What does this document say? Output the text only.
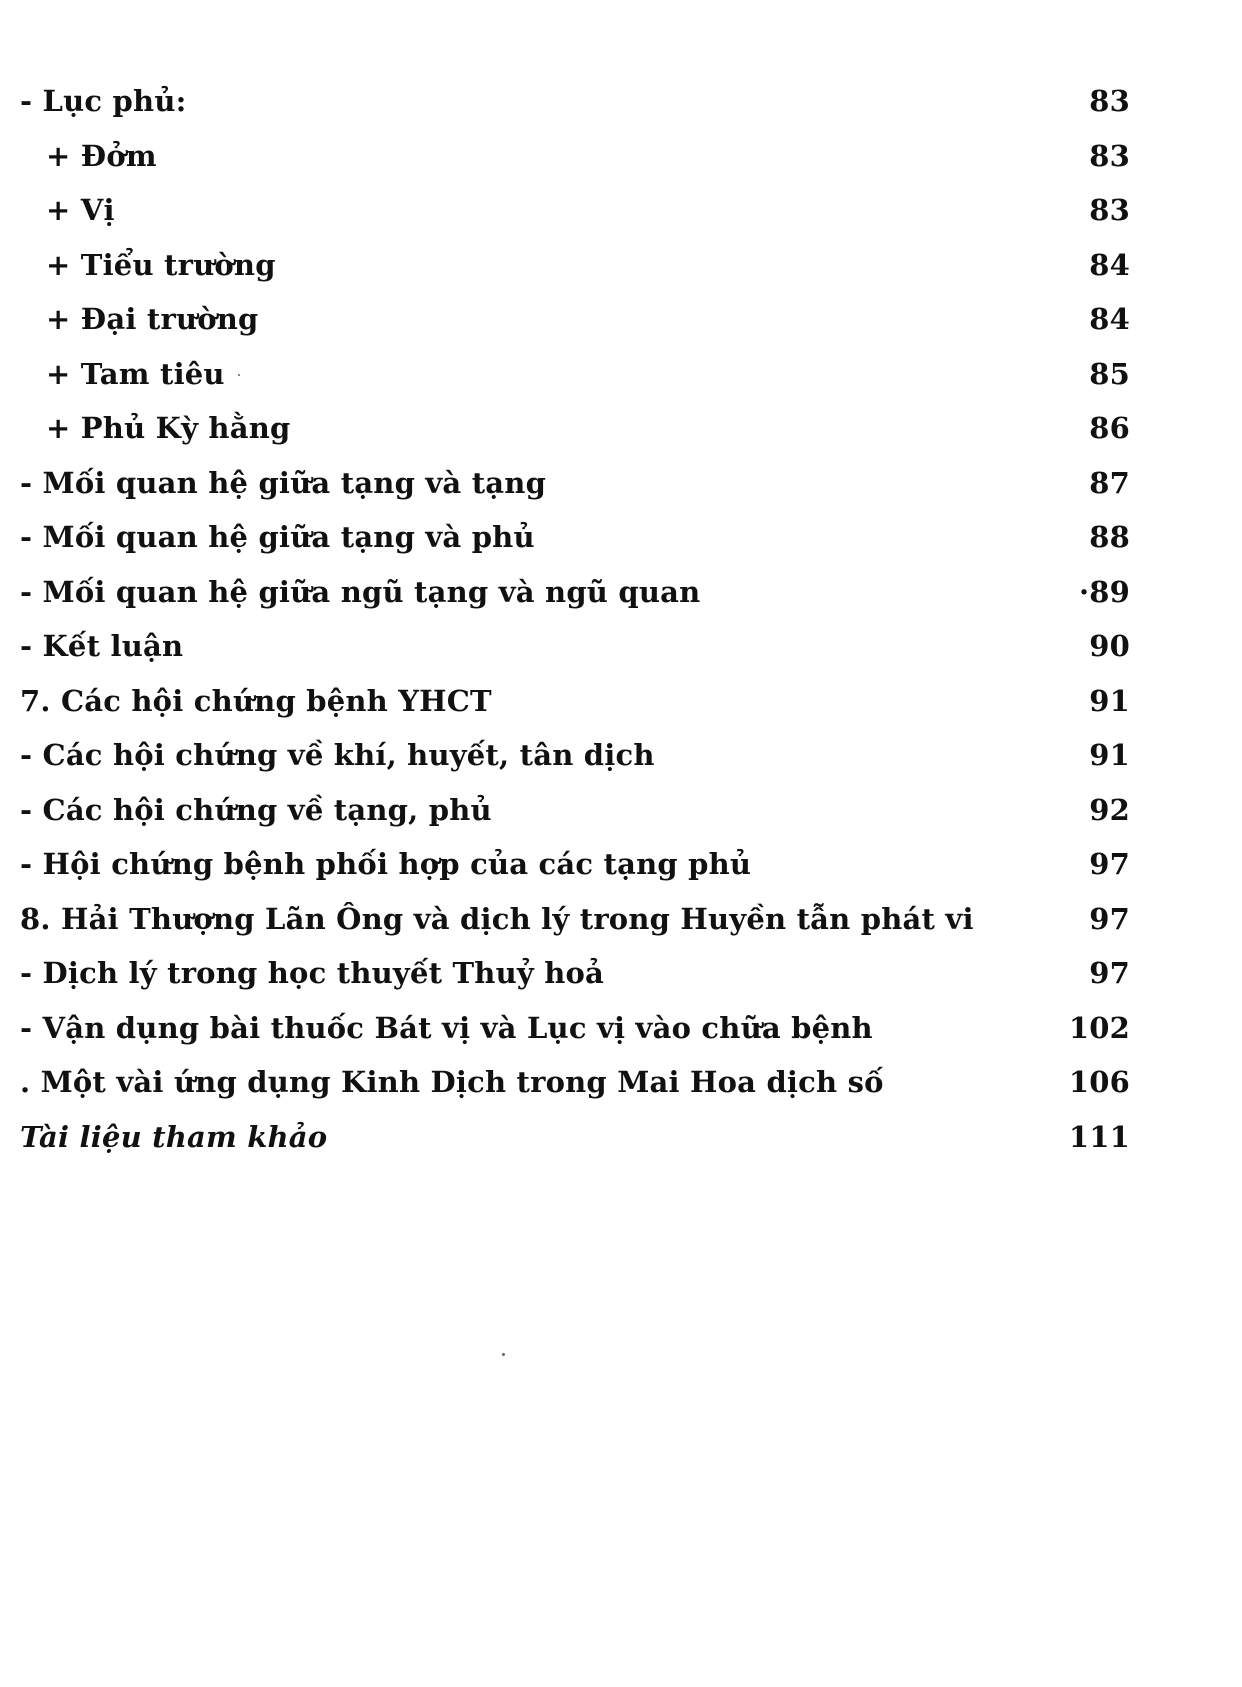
- Lục phủ:	83
+ Đởm	83
+ Vị	83
+ Tiểu trường	84
+ Đại trường	84
+ Tam tiêu	85
+ Phủ Kỳ hằng	86
- Mối quan hệ giữa tạng và tạng	87
- Mối quan hệ giữa tạng và phủ	88
- Mối quan hệ giữa ngũ tạng và ngũ quan	·89
- Kết luận	90
7. Các hội chứng bệnh YHCT	91
- Các hội chứng về khí, huyết, tân dịch	91
- Các hội chứng về tạng, phủ	92
- Hội chứng bệnh phối hợp của các tạng phủ	97
8. Hải Thượng Lãn Ông và dịch lý trong Huyền tẫn phát vi	97
- Dịch lý trong học thuyết Thuỷ hoả	97
- Vận dụng bài thuốc Bát vị và Lục vị vào chữa bệnh	102
. Một vài ứng dụng Kinh Dịch trong Mai Hoa dịch số	106
Tài liệu tham khảo	111
